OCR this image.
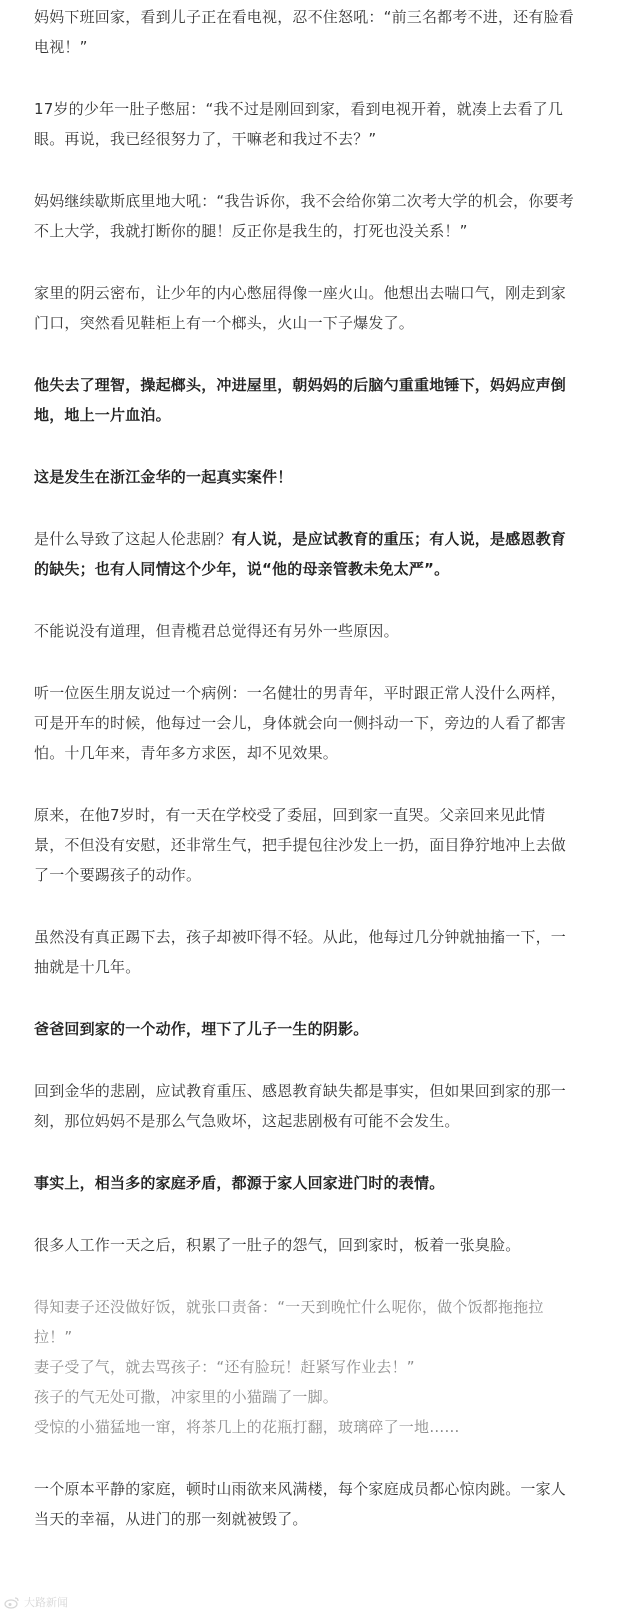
妈妈下班回家，看到儿子正在看电视，忍不住怒吼：“前三名都考不进，还有脸看电视！”

17岁的少年一肚子憋屈：“我不过是刚回到家，看到电视开着，就凑上去看了几眼。再说，我已经很努力了，干嘛老和我过不去？”

妈妈继续歇斯底里地大吼：“我告诉你，我不会给你第二次考大学的机会，你要考不上大学，我就打断你的腿！反正你是我生的，打死也没关系！”

家里的阴云密布，让少年的内心憋屈得像一座火山。他想出去喘口气，刚走到家门口，突然看见鞋柜上有一个榔头，火山一下子爆发了。

他失去了理智，操起榔头，冲进屋里，朝妈妈的后脑勺重重地锤下，妈妈应声倒地，地上一片血泊。

这是发生在浙江金华的一起真实案件！

是什么导致了这起人伦悲剧？有人说，是应试教育的重压；有人说，是感恩教育的缺失；也有人同情这个少年，说“他的母亲管教未免太严”。

不能说没有道理，但青榄君总觉得还有另外一些原因。

听一位医生朋友说过一个病例：一名健壮的男青年，平时跟正常人没什么两样，可是开车的时候，他每过一会儿，身体就会向一侧抖动一下，旁边的人看了都害怕。十几年来，青年多方求医，却不见效果。

原来，在他7岁时，有一天在学校受了委屈，回到家一直哭。父亲回来见此情景，不但没有安慰，还非常生气，把手提包往沙发上一扔，面目狰狞地冲上去做了一个要踢孩子的动作。

虽然没有真正踢下去，孩子却被吓得不轻。从此，他每过几分钟就抽搐一下，一抽就是十几年。

爸爸回到家的一个动作，埋下了儿子一生的阴影。

回到金华的悲剧，应试教育重压、感恩教育缺失都是事实，但如果回到家的那一刻，那位妈妈不是那么气急败坏，这起悲剧极有可能不会发生。

事实上，相当多的家庭矛盾，都源于家人回家进门时的表情。

很多人工作一天之后，积累了一肚子的怨气，回到家时，板着一张臭脸。

得知妻子还没做好饭，就张口责备：“一天到晚忙什么呢你，做个饭都拖拖拉拉！”

妻子受了气，就去骂孩子：“还有脸玩！赶紧写作业去！”

孩子的气无处可撒，冲家里的小猫踹了一脚。

受惊的小猫猛地一窜，将茶几上的花瓶打翻，玻璃碎了一地……

一个原本平静的家庭，顿时山雨欲来风满楼，每个家庭成员都心惊肉跳。一家人当天的幸福，从进门的那一刻就被毁了。

大路新闻
